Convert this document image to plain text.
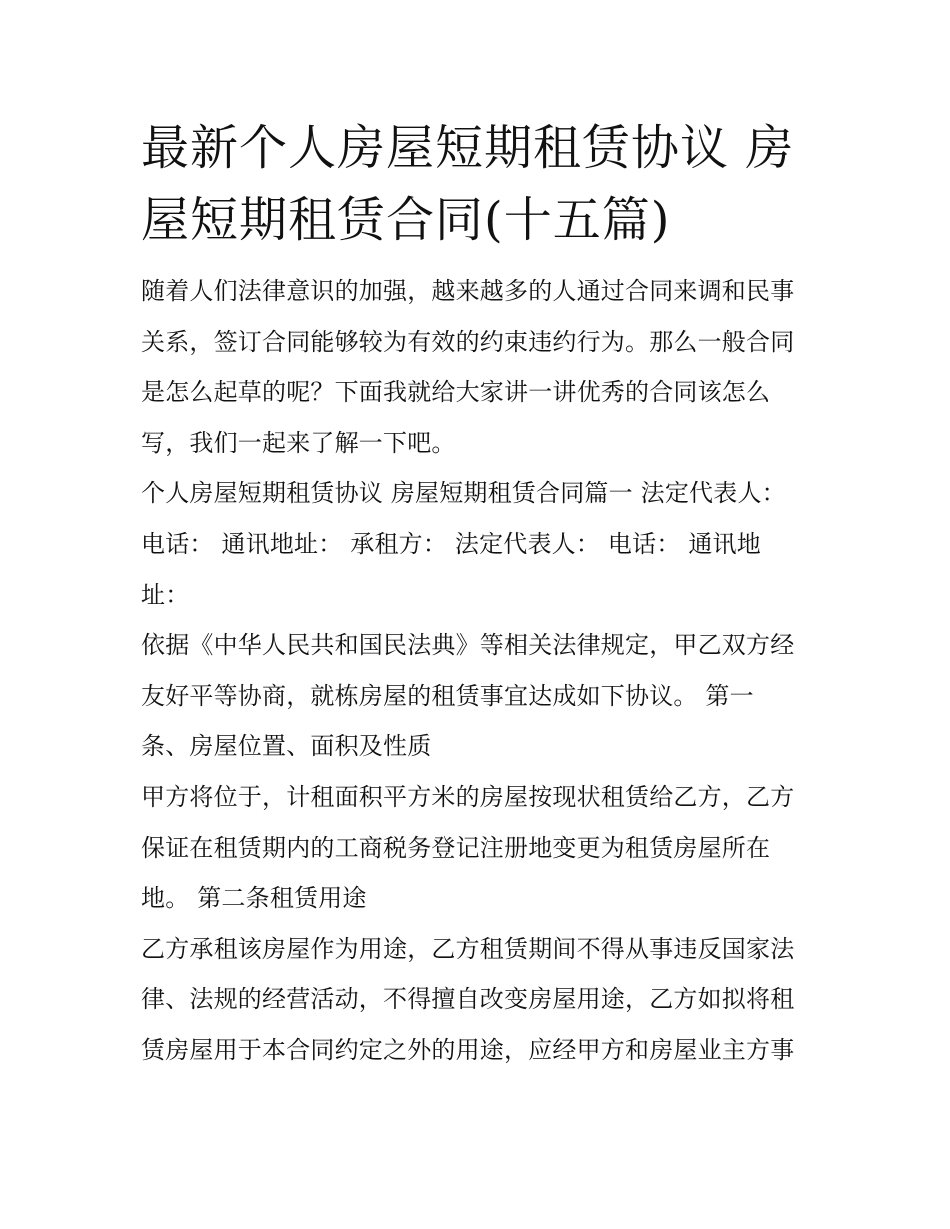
最新个人房屋短期租赁协议 房
屋短期租赁合同(十五篇)
随着人们法律意识的加强，越来越多的人通过合同来调和民事
关系，签订合同能够较为有效的约束违约行为。那么一般合同
是怎么起草的呢？下面我就给大家讲一讲优秀的合同该怎么
写，我们一起来了解一下吧。
个人房屋短期租赁协议 房屋短期租赁合同篇一 法定代表人：
电话： 通讯地址： 承租方： 法定代表人： 电话： 通讯地
址：
依据《中华人民共和国民法典》等相关法律规定，甲乙双方经
友好平等协商，就栋房屋的租赁事宜达成如下协议。 第一
条、房屋位置、面积及性质
甲方将位于，计租面积平方米的房屋按现状租赁给乙方，乙方
保证在租赁期内的工商税务登记注册地变更为租赁房屋所在
地。 第二条租赁用途
乙方承租该房屋作为用途，乙方租赁期间不得从事违反国家法
律、法规的经营活动，不得擅自改变房屋用途，乙方如拟将租
赁房屋用于本合同约定之外的用途，应经甲方和房屋业主方事
